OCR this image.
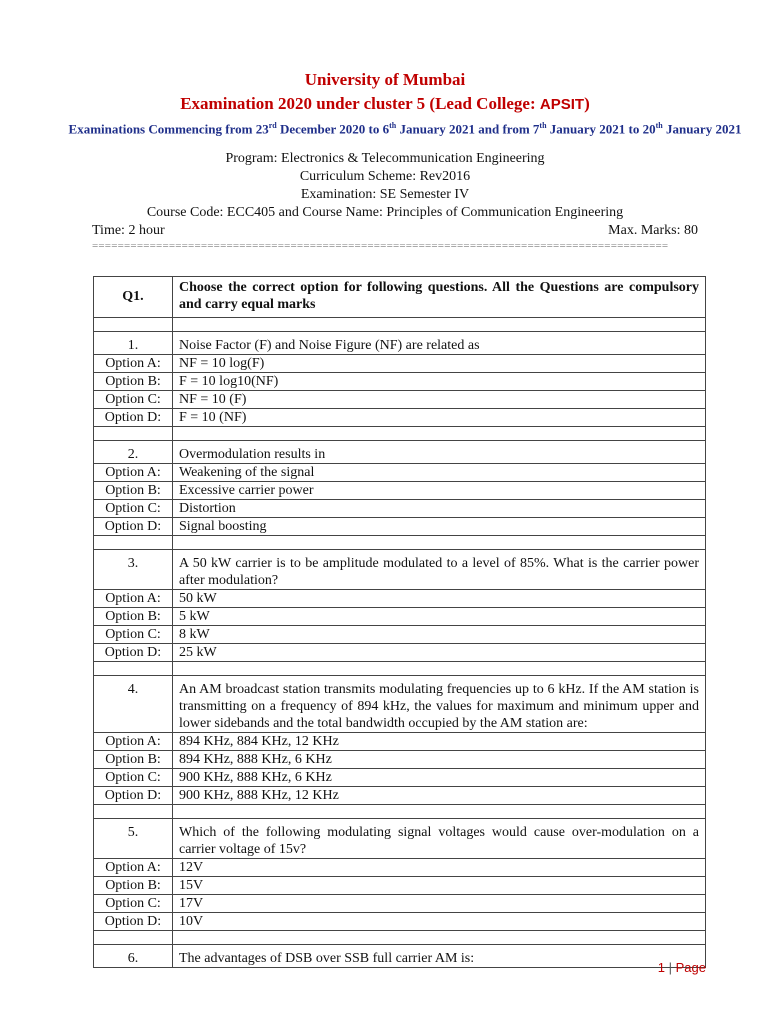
University of Mumbai
Examination 2020 under cluster 5 (Lead College: APSIT)
Examinations Commencing from 23rd December 2020 to 6th January 2021 and from 7th January 2021 to 20th January 2021
Program: Electronics & Telecommunication Engineering
Curriculum Scheme: Rev2016
Examination: SE Semester IV
Course Code: ECC405 and Course Name: Principles of Communication Engineering
Time: 2 hour	Max. Marks: 80
==========================================================================================
Q1.	Choose the correct option for following questions. All the Questions are compulsory and carry equal marks

1.	Noise Factor (F) and Noise Figure (NF) are related as
Option A:	NF = 10 log(F)
Option B:	F = 10 log10(NF)
Option C:	NF = 10 (F)
Option D:	F = 10 (NF)

2.	Overmodulation results in
Option A:	Weakening of the signal
Option B:	Excessive carrier power
Option C:	Distortion
Option D:	Signal boosting

3.	A 50 kW carrier is to be amplitude modulated to a level of 85%. What is the carrier power after modulation?
Option A:	50 kW
Option B:	5 kW
Option C:	8 kW
Option D:	25 kW

4.	An AM broadcast station transmits modulating frequencies up to 6 kHz. If the AM station is transmitting on a frequency of 894 kHz, the values for maximum and minimum upper and lower sidebands and the total bandwidth occupied by the AM station are:
Option A:	894 KHz, 884 KHz, 12 KHz
Option B:	894 KHz, 888 KHz, 6 KHz
Option C:	900 KHz, 888 KHz, 6 KHz
Option D:	900 KHz, 888 KHz, 12 KHz

5.	Which of the following modulating signal voltages would cause over-modulation on a carrier voltage of 15v?
Option A:	12V
Option B:	15V
Option C:	17V
Option D:	10V

6.	The advantages of DSB over SSB full carrier AM is:
1 | Page
